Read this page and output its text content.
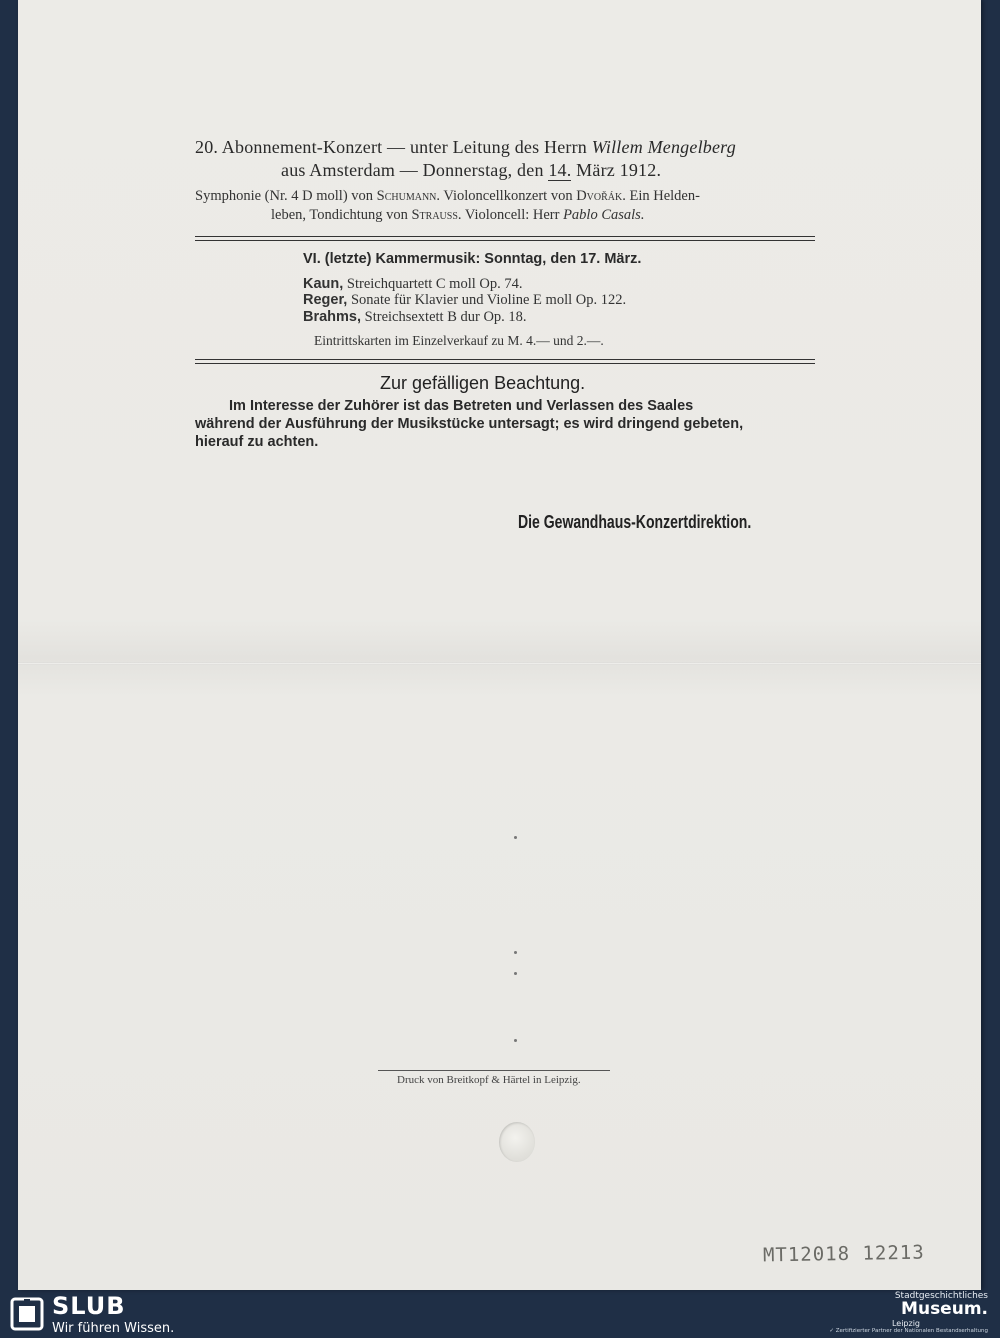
20. Abonnement-Konzert — unter Leitung des Herrn Willem Mengelberg
aus Amsterdam — Donnerstag, den 14. März 1912.
Symphonie (Nr. 4 D moll) von Schumann. Violoncellkonzert von Dvořák. Ein Helden-
leben, Tondichtung von Strauss. Violoncell: Herr Pablo Casals.
VI. (letzte) Kammermusik: Sonntag, den 17. März.
Kaun, Streichquartett C moll Op. 74.
Reger, Sonate für Klavier und Violine E moll Op. 122.
Brahms, Streichsextett B dur Op. 18.
Eintrittskarten im Einzelverkauf zu M. 4.— und 2.—.
Zur gefälligen Beachtung.
Im Interesse der Zuhörer ist das Betreten und Verlassen des Saales
während der Ausführung der Musikstücke untersagt; es wird dringend gebeten,
hierauf zu achten.
Die Gewandhaus-Konzertdirektion.
Druck von Breitkopf & Härtel in Leipzig.
MT12018 12213
SLUB
Wir führen Wissen.
Stadtgeschichtliches
Museum.
Leipzig
✓ Zertifizierter Partner der Nationalen Bestandserhaltung
